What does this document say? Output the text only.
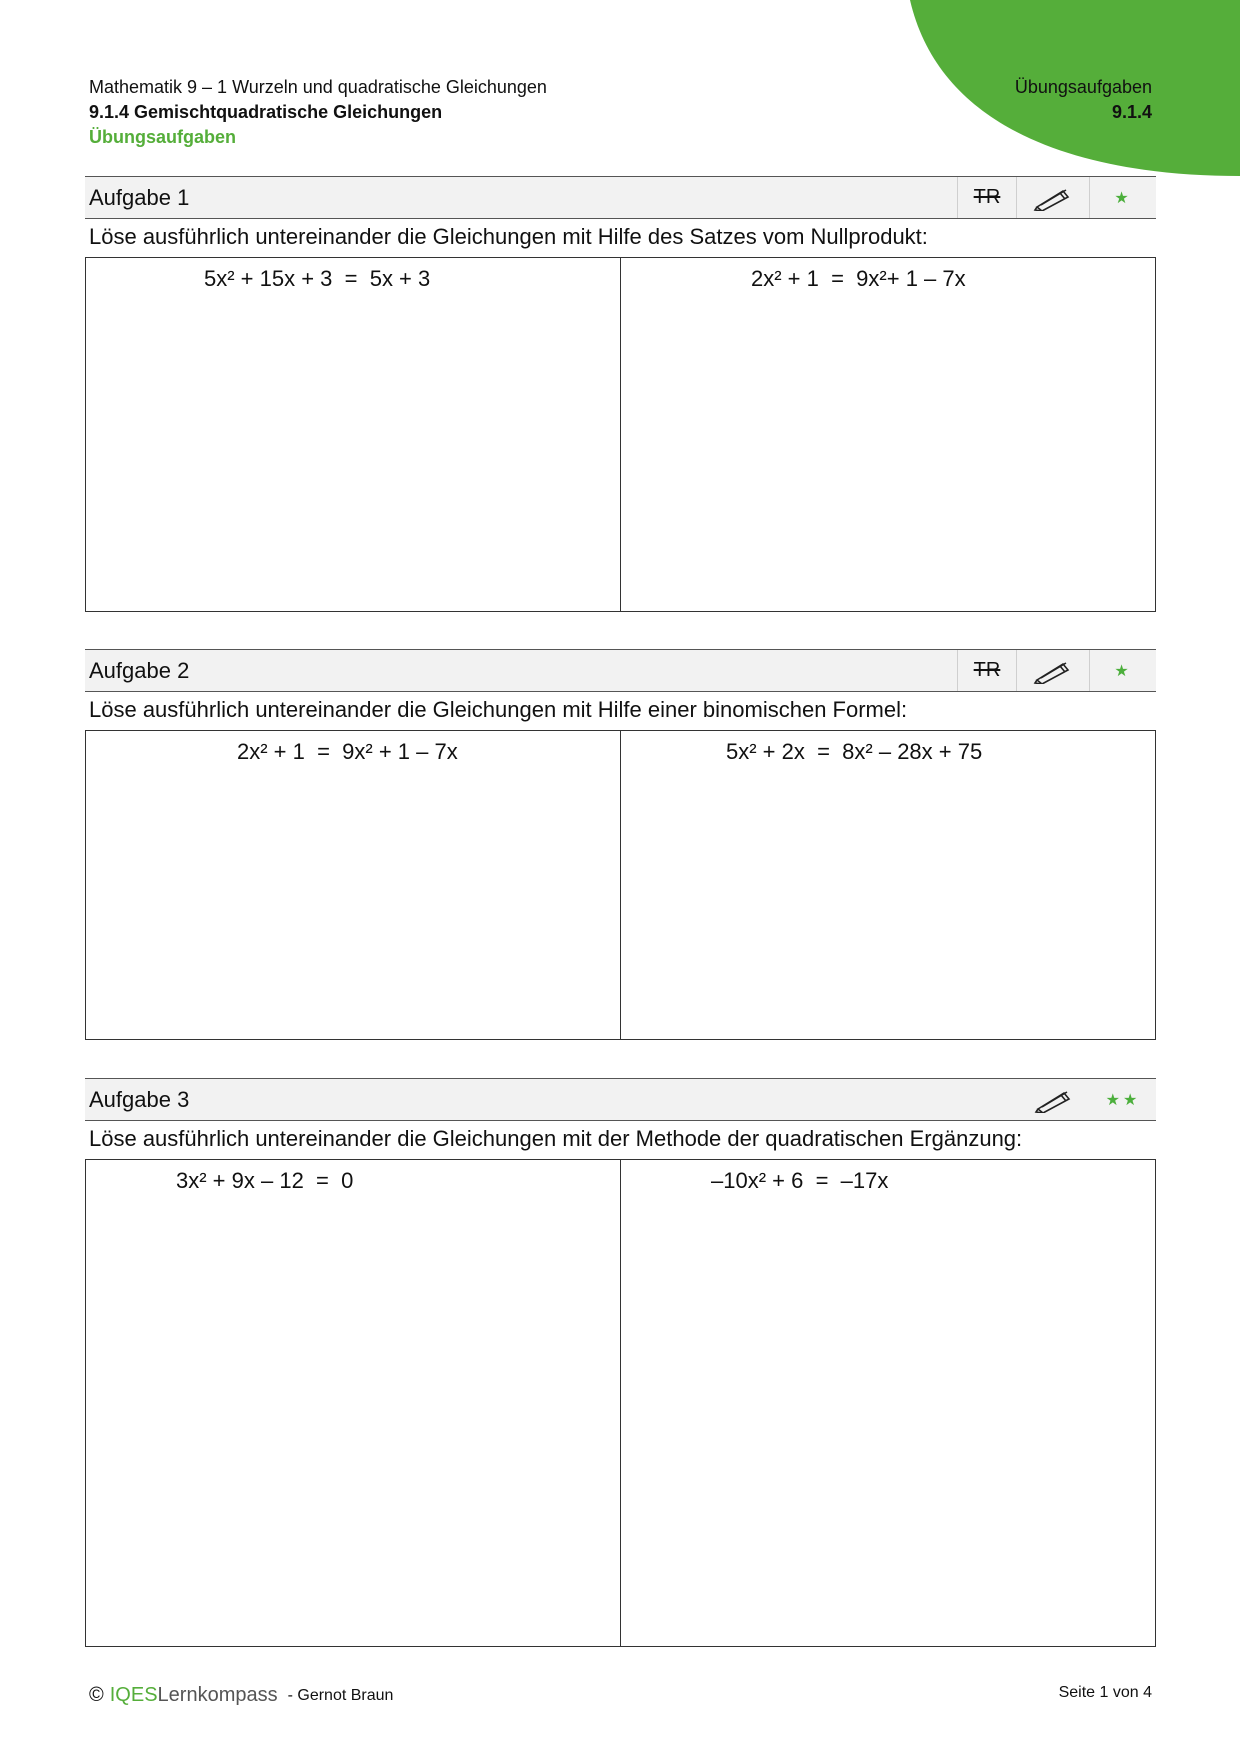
Mathematik 9 – 1 Wurzeln und quadratische Gleichungen
9.1.4 Gemischtquadratische Gleichungen
Übungsaufgaben
Übungsaufgaben
9.1.4
Aufgabe 1	TR	★
Löse ausführlich untereinander die Gleichungen mit Hilfe des Satzes vom Nullprodukt:
5x² + 15x + 3  =  5x + 3	2x² + 1  =  9x²+ 1 – 7x
Aufgabe 2	TR	★
Löse ausführlich untereinander die Gleichungen mit Hilfe einer binomischen Formel:
2x² + 1  =  9x² + 1 – 7x	5x² + 2x  =  8x² – 28x + 75
Aufgabe 3	★★
Löse ausführlich untereinander die Gleichungen mit der Methode der quadratischen Ergänzung:
3x² + 9x – 12  =  0	–10x² + 6  =  –17x
© IQESLernkompass - Gernot Braun	Seite 1 von 4
